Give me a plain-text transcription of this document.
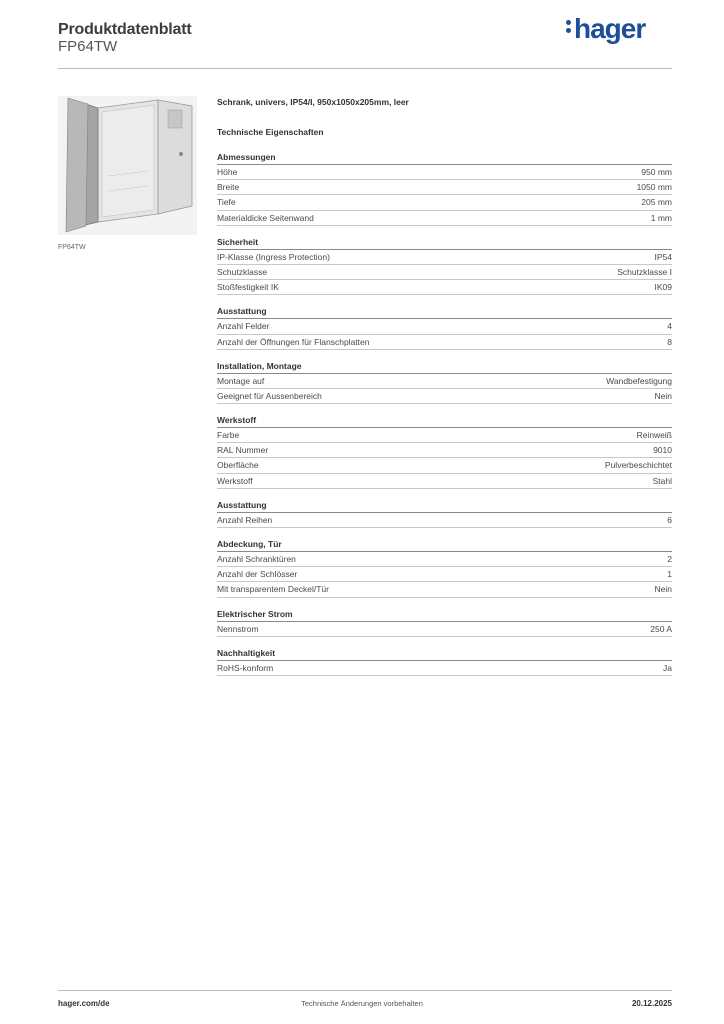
Produktdatenblatt
FP64TW
hager
FP64TW
Schrank, univers, IP54/I, 950x1050x205mm, leer
Technische Eigenschaften
Abmessungen
Höhe	950 mm
Breite	1050 mm
Tiefe	205 mm
Materialdicke Seitenwand	1 mm
Sicherheit
IP-Klasse (Ingress Protection)	IP54
Schutzklasse	Schutzklasse I
Stoßfestigkeit IK	IK09
Ausstattung
Anzahl Felder	4
Anzahl der Öffnungen für Flanschplatten	8
Installation, Montage
Montage auf	Wandbefestigung
Geeignet für Aussenbereich	Nein
Werkstoff
Farbe	Reinweiß
RAL Nummer	9010
Oberfläche	Pulverbeschichtet
Werkstoff	Stahl
Ausstattung
Anzahl Reihen	6
Abdeckung, Tür
Anzahl Schranktüren	2
Anzahl der Schlösser	1
Mit transparentem Deckel/Tür	Nein
Elektrischer Strom
Nennstrom	250 A
Nachhaltigkeit
RoHS-konform	Ja
hager.com/de	Technische Änderungen vorbehalten	20.12.2025
